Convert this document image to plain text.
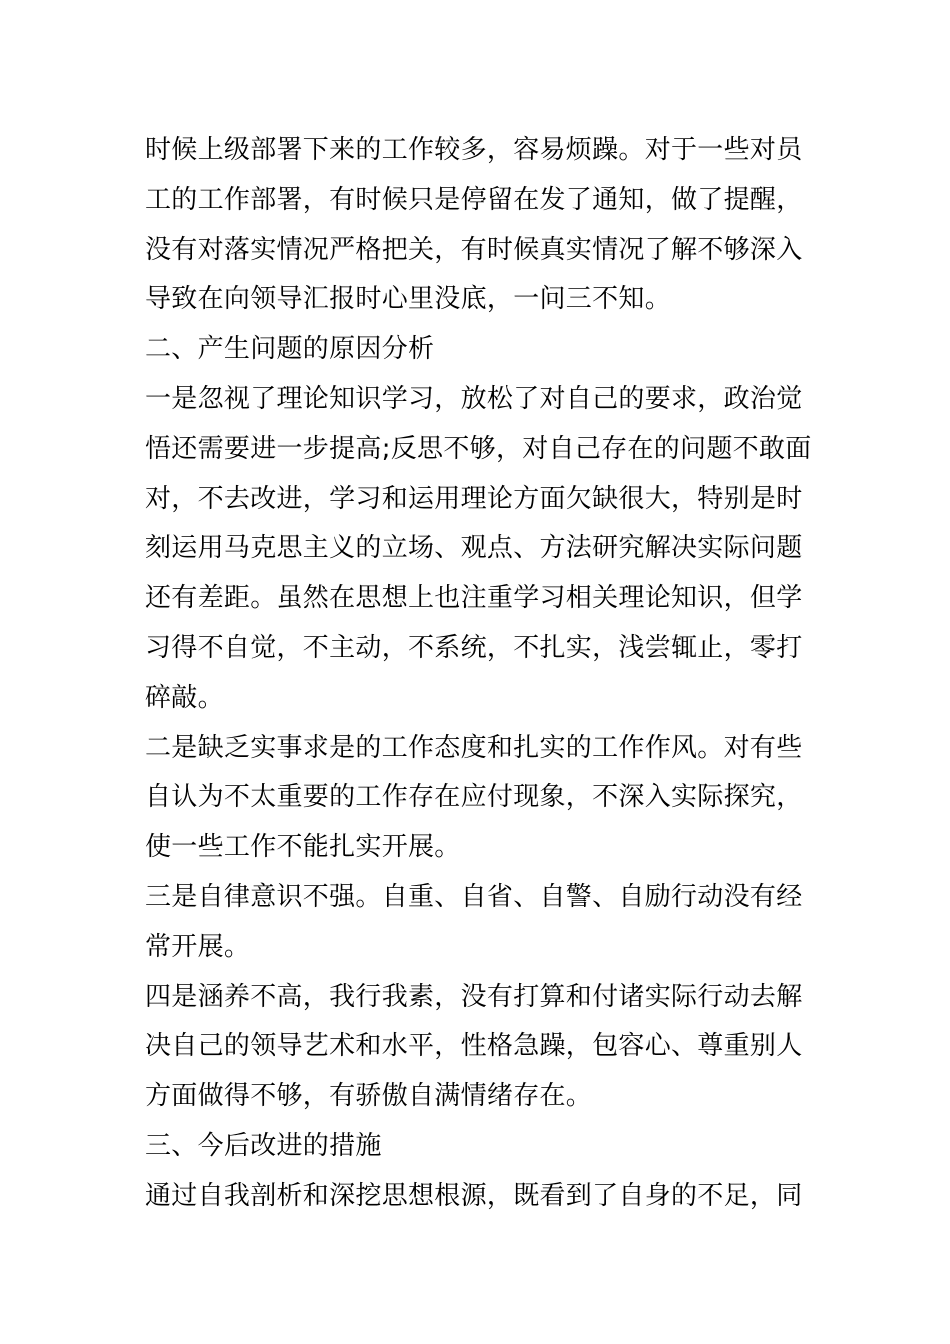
时候上级部署下来的工作较多，容易烦躁。对于一些对员
工的工作部署，有时候只是停留在发了通知，做了提醒，
没有对落实情况严格把关，有时候真实情况了解不够深入
导致在向领导汇报时心里没底，一问三不知。
二、产生问题的原因分析
一是忽视了理论知识学习，放松了对自己的要求，政治觉
悟还需要进一步提高;反思不够，对自己存在的问题不敢面
对，不去改进，学习和运用理论方面欠缺很大，特别是时
刻运用马克思主义的立场、观点、方法研究解决实际问题
还有差距。虽然在思想上也注重学习相关理论知识，但学
习得不自觉，不主动，不系统，不扎实，浅尝辄止，零打
碎敲。
二是缺乏实事求是的工作态度和扎实的工作作风。对有些
自认为不太重要的工作存在应付现象，不深入实际探究，
使一些工作不能扎实开展。
三是自律意识不强。自重、自省、自警、自励行动没有经
常开展。
四是涵养不高，我行我素，没有打算和付诸实际行动去解
决自己的领导艺术和水平，性格急躁，包容心、尊重别人
方面做得不够，有骄傲自满情绪存在。
三、今后改进的措施
通过自我剖析和深挖思想根源，既看到了自身的不足，同
